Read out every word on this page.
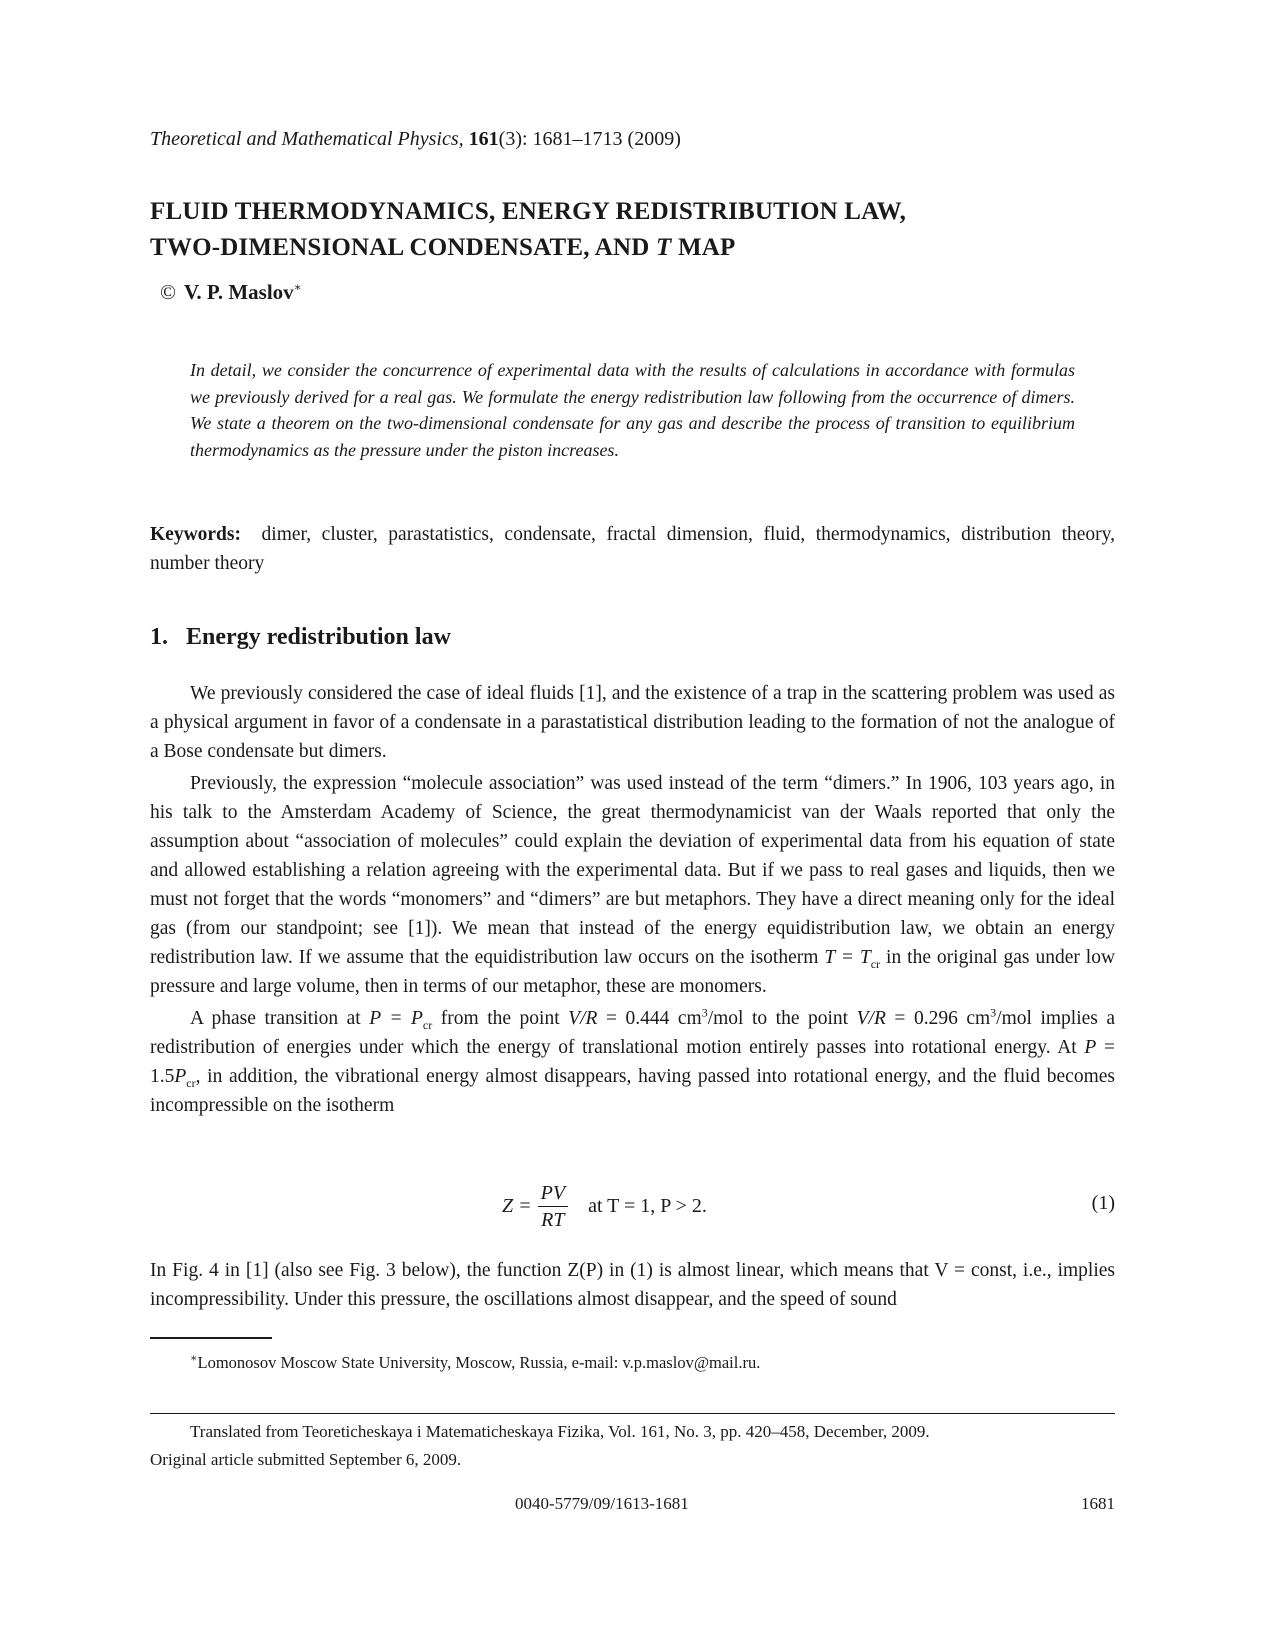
Theoretical and Mathematical Physics, 161(3): 1681–1713 (2009)
FLUID THERMODYNAMICS, ENERGY REDISTRIBUTION LAW,
TWO-DIMENSIONAL CONDENSATE, AND T MAP
© V. P. Maslov∗
In detail, we consider the concurrence of experimental data with the results of calculations in accordance with formulas we previously derived for a real gas. We formulate the energy redistribution law following from the occurrence of dimers. We state a theorem on the two-dimensional condensate for any gas and describe the process of transition to equilibrium thermodynamics as the pressure under the piston increases.
Keywords: dimer, cluster, parastatistics, condensate, fractal dimension, fluid, thermodynamics, distribution theory, number theory
1. Energy redistribution law

We previously considered the case of ideal fluids [1], and the existence of a trap in the scattering problem was used as a physical argument in favor of a condensate in a parastatistical distribution leading to the formation of not the analogue of a Bose condensate but dimers.

Previously, the expression “molecule association” was used instead of the term “dimers.” In 1906, 103 years ago, in his talk to the Amsterdam Academy of Science, the great thermodynamicist van der Waals reported that only the assumption about “association of molecules” could explain the deviation of experimental data from his equation of state and allowed establishing a relation agreeing with the experimental data. But if we pass to real gases and liquids, then we must not forget that the words “monomers” and “dimers” are but metaphors. They have a direct meaning only for the ideal gas (from our standpoint; see [1]). We mean that instead of the energy equidistribution law, we obtain an energy redistribution law. If we assume that the equidistribution law occurs on the isotherm $T = T_{cr}$ in the original gas under low pressure and large volume, then in terms of our metaphor, these are monomers.

A phase transition at $P = P_{cr}$ from the point V/R = 0.444 $cm^3$/mol to the point V/R = 0.296 $cm^3$/mol implies a redistribution of energies under which the energy of translational motion entirely passes into rotational energy. At $P = 1.5P_{cr}$, in addition, the vibrational energy almost disappears, having passed into rotational energy, and the fluid becomes incompressible on the isotherm

$Z = \frac{PV}{RT}$ at T = 1, P > 2.	(1)
In Fig. 4 in [1] (also see Fig. 3 below), the function Z(P) in (1) is almost linear, which means that V = const, i.e., implies incompressibility. Under this pressure, the oscillations almost disappear, and the speed of sound
∗Lomonosov Moscow State University, Moscow, Russia, e-mail: v.p.maslov@mail.ru.
Translated from Teoreticheskaya i Matematicheskaya Fizika, Vol. 161, No. 3, pp. 420–458, December, 2009.
Original article submitted September 6, 2009.
0040-5779/09/1613-1681	1681
